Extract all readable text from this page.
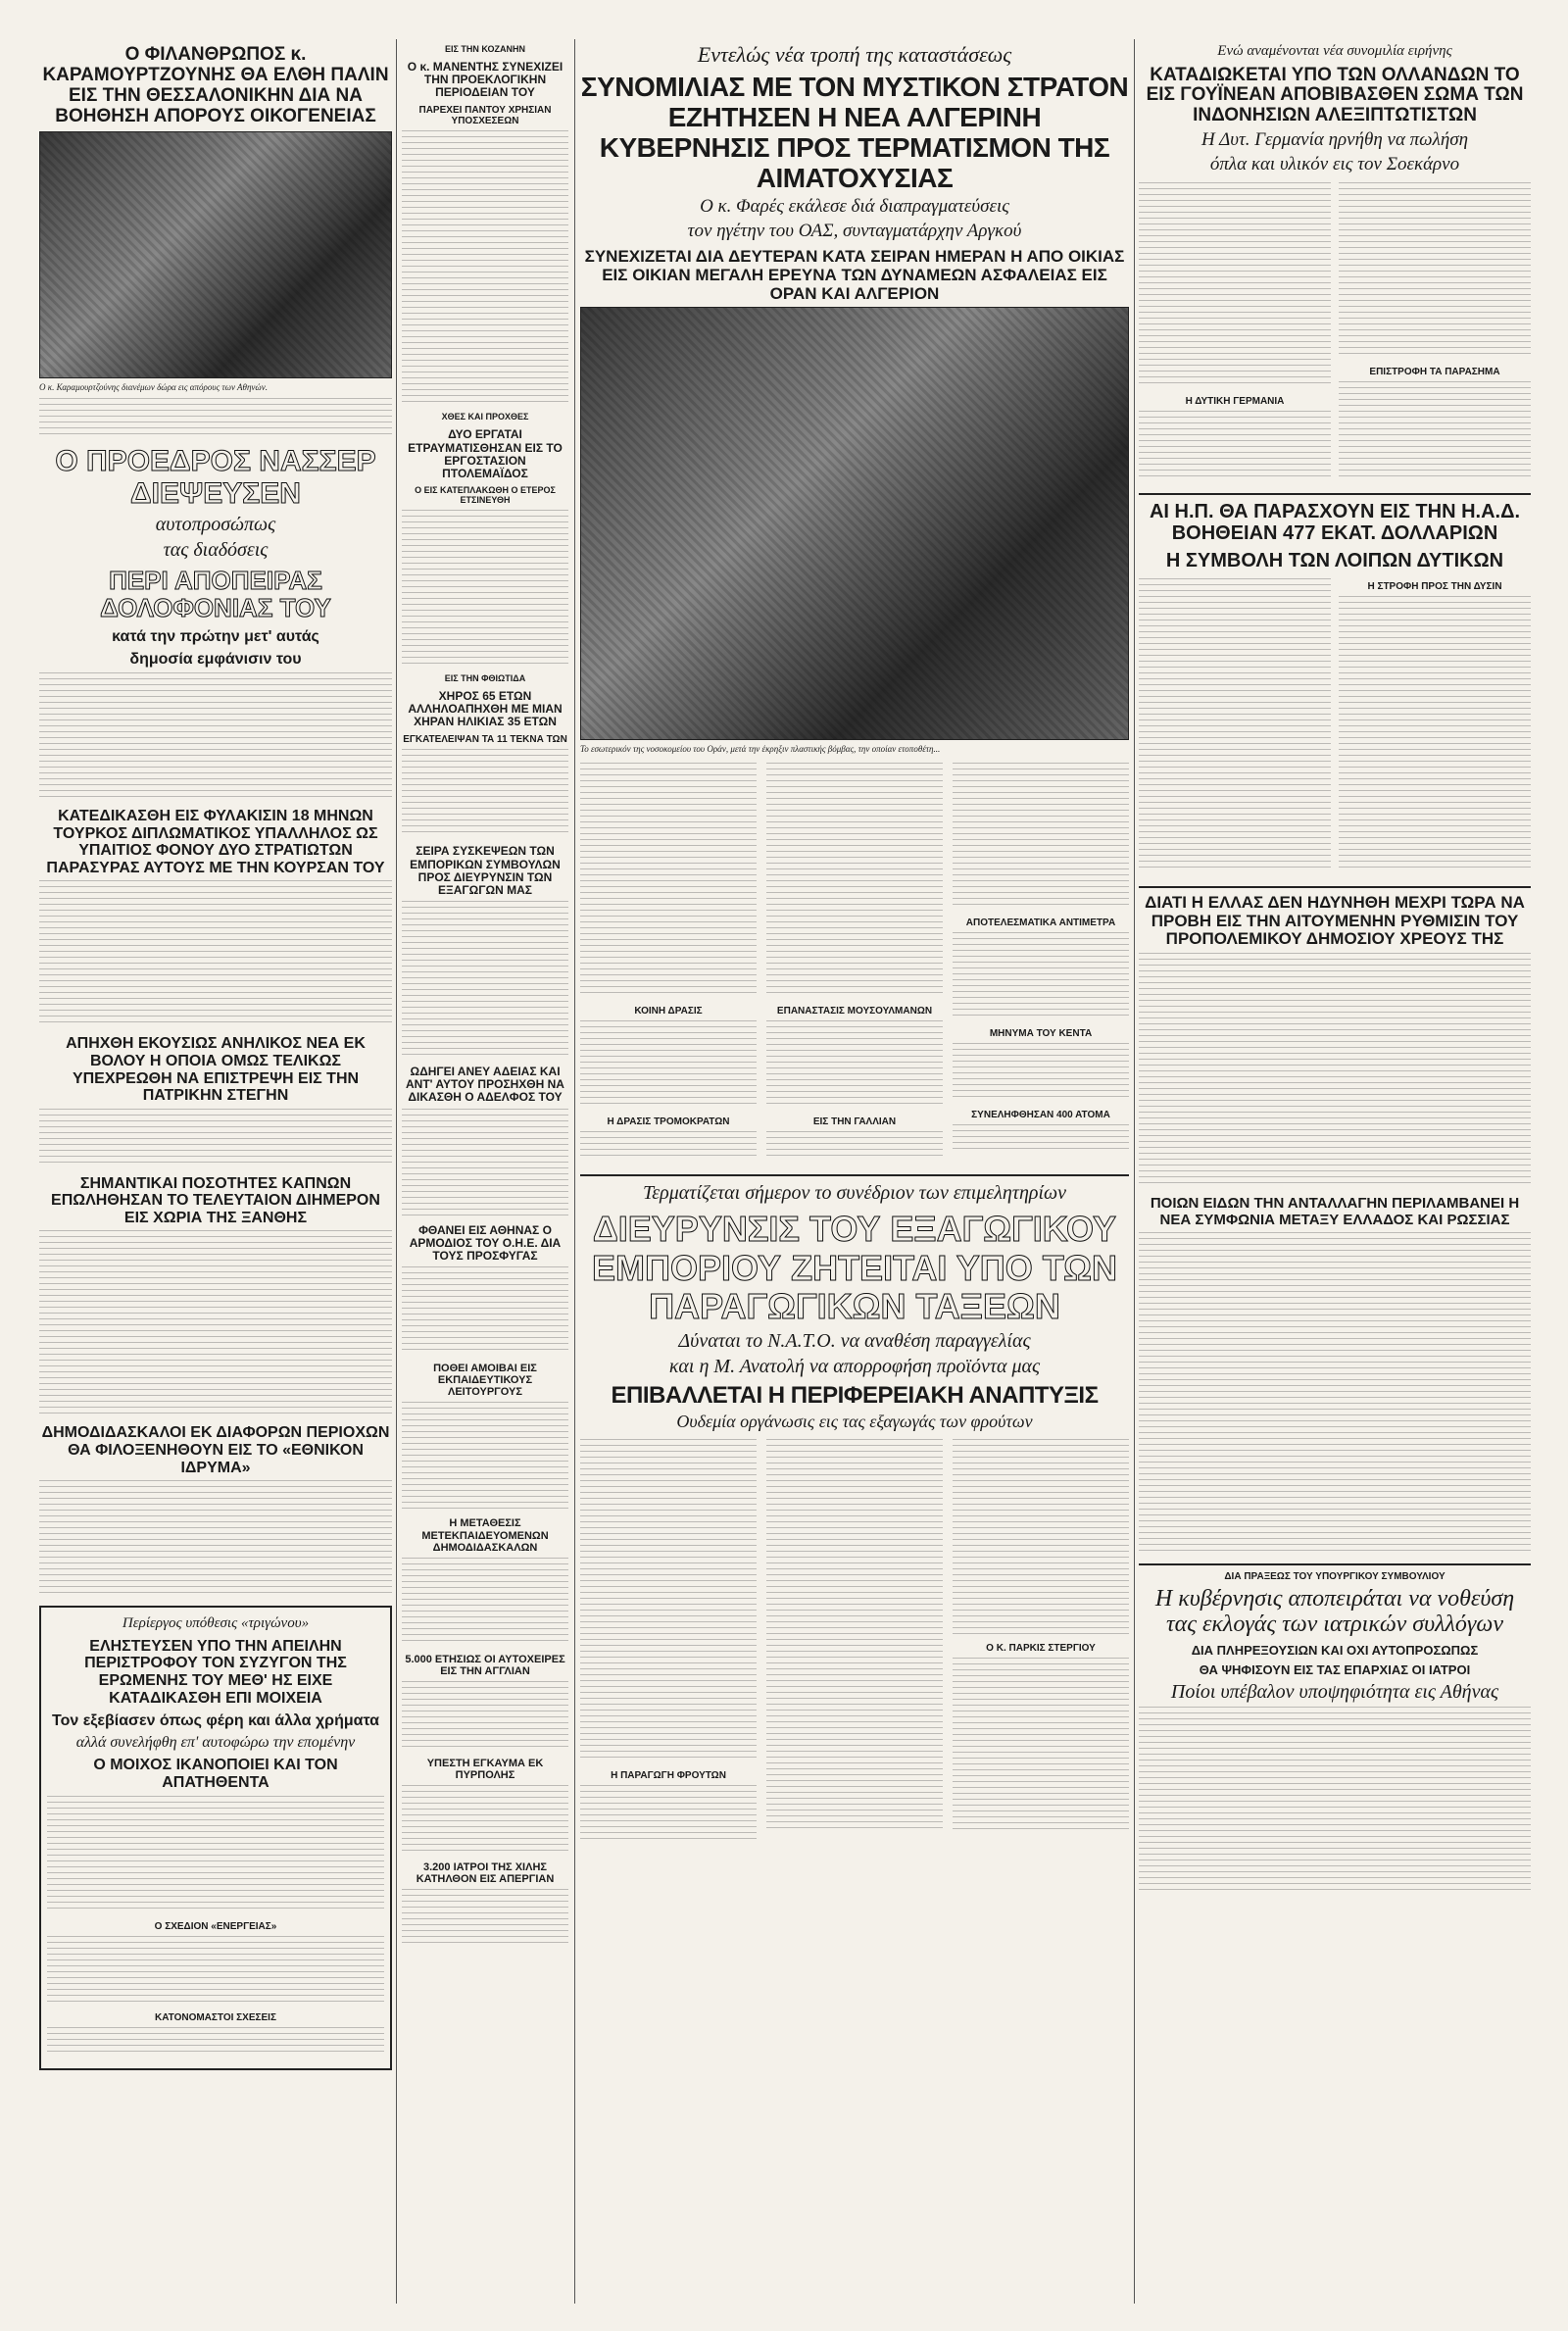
Ο ΦΙΛΑΝΘΡΩΠΟΣ κ. ΚΑΡΑΜΟΥΡΤΖΟΥΝΗΣ ΘΑ ΕΛΘΗ ΠΑΛΙΝ ΕΙΣ ΤΗΝ ΘΕΣΣΑΛΟΝΙΚΗΝ ΔΙΑ ΝΑ ΒΟΗΘΗΣΗ ΑΠΟΡΟΥΣ ΟΙΚΟΓΕΝΕΙΑΣ
Ο κ. Καραμουρτζούνης διανέμων δώρα εις απόρους των Αθηνών.
Ο ΠΡΟΕΔΡΟΣ ΝΑΣΣΕΡ ΔΙΕΨΕΥΣΕΝ
αυτοπροσώπως
τας διαδόσεις
ΠΕΡΙ ΑΠΟΠΕΙΡΑΣ ΔΟΛΟΦΟΝΙΑΣ ΤΟΥ
κατά την πρώτην μετ' αυτάς
δημοσία εμφάνισιν του
ΚΑΤΕΔΙΚΑΣΘΗ ΕΙΣ ΦΥΛΑΚΙΣΙΝ 18 ΜΗΝΩΝ ΤΟΥΡΚΟΣ ΔΙΠΛΩΜΑΤΙΚΟΣ ΥΠΑΛΛΗΛΟΣ ΩΣ ΥΠΑΙΤΙΟΣ ΦΟΝΟΥ ΔΥΟ ΣΤΡΑΤΙΩΤΩΝ ΠΑΡΑΣΥΡΑΣ ΑΥΤΟΥΣ ΜΕ ΤΗΝ ΚΟΥΡΣΑΝ ΤΟΥ
ΑΠΗΧΘΗ ΕΚΟΥΣΙΩΣ ΑΝΗΛΙΚΟΣ ΝΕΑ ΕΚ ΒΟΛΟΥ Η ΟΠΟΙΑ ΟΜΩΣ ΤΕΛΙΚΩΣ ΥΠΕΧΡΕΩΘΗ ΝΑ ΕΠΙΣΤΡΕΨΗ ΕΙΣ ΤΗΝ ΠΑΤΡΙΚΗΝ ΣΤΕΓΗΝ
ΣΗΜΑΝΤΙΚΑΙ ΠΟΣΟΤΗΤΕΣ ΚΑΠΝΩΝ ΕΠΩΛΗΘΗΣΑΝ ΤΟ ΤΕΛΕΥΤΑΙΟΝ ΔΙΗΜΕΡΟΝ ΕΙΣ ΧΩΡΙΑ ΤΗΣ ΞΑΝΘΗΣ
ΔΗΜΟΔΙΔΑΣΚΑΛΟΙ ΕΚ ΔΙΑΦΟΡΩΝ ΠΕΡΙΟΧΩΝ ΘΑ ΦΙΛΟΞΕΝΗΘΟΥΝ ΕΙΣ ΤΟ «ΕΘΝΙΚΟΝ ΙΔΡΥΜΑ»
Περίεργος υπόθεσις «τριγώνου»
ΕΛΗΣΤΕΥΣΕΝ ΥΠΟ ΤΗΝ ΑΠΕΙΛΗΝ ΠΕΡΙΣΤΡΟΦΟΥ ΤΟΝ ΣΥΖΥΓΟΝ ΤΗΣ ΕΡΩΜΕΝΗΣ ΤΟΥ ΜΕΘ' ΗΣ ΕΙΧΕ ΚΑΤΑΔΙΚΑΣΘΗ ΕΠΙ ΜΟΙΧΕΙΑ
Τον εξεβίασεν όπως φέρη και άλλα χρήματα
αλλά συνελήφθη επ' αυτοφώρω την επομένην
Ο ΜΟΙΧΟΣ ΙΚΑΝΟΠΟΙΕΙ ΚΑΙ ΤΟΝ ΑΠΑΤΗΘΕΝΤΑ
Ο ΣΧΕΔΙΟΝ «ΕΝΕΡΓΕΙΑΣ»
ΚΑΤΟΝΟΜΑΣΤΟΙ ΣΧΕΣΕΙΣ
ΕΙΣ ΤΗΝ ΚΟΖΑΝΗΝ
Ο κ. ΜΑΝΕΝΤΗΣ ΣΥΝΕΧΙΖΕΙ ΤΗΝ ΠΡΟΕΚΛΟΓΙΚΗΝ ΠΕΡΙΟΔΕΙΑΝ ΤΟΥ
ΠΑΡΕΧΕΙ ΠΑΝΤΟΥ ΧΡΗΣΙΑΝ ΥΠΟΣΧΕΣΕΩΝ
ΧΘΕΣ ΚΑΙ ΠΡΟΧΘΕΣ
ΔΥΟ ΕΡΓΑΤΑΙ ΕΤΡΑΥΜΑΤΙΣΘΗΣΑΝ ΕΙΣ ΤΟ ΕΡΓΟΣΤΑΣΙΟΝ ΠΤΟΛΕΜΑΪΔΟΣ
Ο ΕΙΣ ΚΑΤΕΠΛΑΚΩΘΗ Ο ΕΤΕΡΟΣ ΕΤΣΙΝΕΥΘΗ
ΕΙΣ ΤΗΝ ΦΘΙΩΤΙΔΑ
ΧΗΡΟΣ 65 ΕΤΩΝ ΑΛΛΗΛΟΑΠΗΧΘΗ ΜΕ ΜΙΑΝ ΧΗΡΑΝ ΗΛΙΚΙΑΣ 35 ΕΤΩΝ
ΕΓΚΑΤΕΛΕΙΨΑΝ ΤΑ 11 ΤΕΚΝΑ ΤΩΝ
ΣΕΙΡΑ ΣΥΣΚΕΨΕΩΝ ΤΩΝ ΕΜΠΟΡΙΚΩΝ ΣΥΜΒΟΥΛΩΝ ΠΡΟΣ ΔΙΕΥΡΥΝΣΙΝ ΤΩΝ ΕΞΑΓΩΓΩΝ ΜΑΣ
ΩΔΗΓΕΙ ΑΝΕΥ ΑΔΕΙΑΣ ΚΑΙ ΑΝΤ' ΑΥΤΟΥ ΠΡΟΣΗΧΘΗ ΝΑ ΔΙΚΑΣΘΗ Ο ΑΔΕΛΦΟΣ ΤΟΥ
ΦΘΑΝΕΙ ΕΙΣ ΑΘΗΝΑΣ Ο ΑΡΜΟΔΙΟΣ ΤΟΥ Ο.Η.Ε. ΔΙΑ ΤΟΥΣ ΠΡΟΣΦΥΓΑΣ
ΠΟΘΕΙ ΑΜΟΙΒΑΙ ΕΙΣ ΕΚΠΑΙΔΕΥΤΙΚΟΥΣ ΛΕΙΤΟΥΡΓΟΥΣ
Η ΜΕΤΑΘΕΣΙΣ ΜΕΤΕΚΠΑΙΔΕΥΟΜΕΝΩΝ ΔΗΜΟΔΙΔΑΣΚΑΛΩΝ
5.000 ΕΤΗΣΙΩΣ ΟΙ ΑΥΤΟΧΕΙΡΕΣ ΕΙΣ ΤΗΝ ΑΓΓΛΙΑΝ
ΥΠΕΣΤΗ ΕΓΚΑΥΜΑ ΕΚ ΠΥΡΠΟΛΗΣ
3.200 ΙΑΤΡΟΙ ΤΗΣ ΧΙΛΗΣ ΚΑΤΗΛΘΟΝ ΕΙΣ ΑΠΕΡΓΙΑΝ
Εντελώς νέα τροπή της καταστάσεως
ΣΥΝΟΜΙΛΙΑΣ ΜΕ ΤΟΝ ΜΥΣΤΙΚΟΝ ΣΤΡΑΤΟΝ ΕΖΗΤΗΣΕΝ Η ΝΕΑ ΑΛΓΕΡΙΝΗ ΚΥΒΕΡΝΗΣΙΣ ΠΡΟΣ ΤΕΡΜΑΤΙΣΜΟΝ ΤΗΣ ΑΙΜΑΤΟΧΥΣΙΑΣ
Ο κ. Φαρές εκάλεσε διά διαπραγματεύσεις
τον ηγέτην του ΟΑΣ, συνταγματάρχην Αργκού
ΣΥΝΕΧΙΖΕΤΑΙ ΔΙΑ ΔΕΥΤΕΡΑΝ ΚΑΤΑ ΣΕΙΡΑΝ ΗΜΕΡΑΝ Η ΑΠΟ ΟΙΚΙΑΣ ΕΙΣ ΟΙΚΙΑΝ ΜΕΓΑΛΗ ΕΡΕΥΝΑ ΤΩΝ ΔΥΝΑΜΕΩΝ ΑΣΦΑΛΕΙΑΣ ΕΙΣ ΟΡΑΝ ΚΑΙ ΑΛΓΕΡΙΟΝ
Το εσωτερικόν της νοσοκομείου του Οράν, μετά την έκρηξιν πλαστικής βόμβας, την οποίαν ετοποθέτη...
ΚΟΙΝΗ ΔΡΑΣΙΣ
Η ΔΡΑΣΙΣ ΤΡΟΜΟΚΡΑΤΩΝ
ΕΠΑΝΑΣΤΑΣΙΣ ΜΟΥΣΟΥΛΜΑΝΩΝ
ΕΙΣ ΤΗΝ ΓΑΛΛΙΑΝ
ΑΠΟΤΕΛΕΣΜΑΤΙΚΑ ΑΝΤΙΜΕΤΡΑ
ΜΗΝΥΜΑ ΤΟΥ ΚΕΝΤΑ
ΣΥΝΕΛΗΦΘΗΣΑΝ 400 ΑΤΟΜΑ
Τερματίζεται σήμερον το συνέδριον των επιμελητηρίων
ΔΙΕΥΡΥΝΣΙΣ ΤΟΥ ΕΞΑΓΩΓΙΚΟΥ ΕΜΠΟΡΙΟΥ ΖΗΤΕΙΤΑΙ ΥΠΟ ΤΩΝ ΠΑΡΑΓΩΓΙΚΩΝ ΤΑΞΕΩΝ
Δύναται το Ν.Α.Τ.Ο. να αναθέση παραγγελίας
και η Μ. Ανατολή να απορροφήση προϊόντα μας
ΕΠΙΒΑΛΛΕΤΑΙ Η ΠΕΡΙΦΕΡΕΙΑΚΗ ΑΝΑΠΤΥΞΙΣ
Ουδεμία οργάνωσις εις τας εξαγωγάς των φρούτων
Η ΠΑΡΑΓΩΓΗ ΦΡΟΥΤΩΝ
Ο Κ. ΠΑΡΚΙΣ ΣΤΕΡΓΙΟΥ
Ενώ αναμένονται νέα συνομιλία ειρήνης
ΚΑΤΑΔΙΩΚΕΤΑΙ ΥΠΟ ΤΩΝ ΟΛΛΑΝΔΩΝ ΤΟ ΕΙΣ ΓΟΥΪΝΕΑΝ ΑΠΟΒΙΒΑΣΘΕΝ ΣΩΜΑ ΤΩΝ ΙΝΔΟΝΗΣΙΩΝ ΑΛΕΞΙΠΤΩΤΙΣΤΩΝ
Η Δυτ. Γερμανία ηρνήθη να πωλήση
όπλα και υλικόν εις τον Σοεκάρνο
Η ΔΥΤΙΚΗ ΓΕΡΜΑΝΙΑ
ΕΠΙΣΤΡΟΦΗ ΤΑ ΠΑΡΑΣΗΜΑ
ΑΙ Η.Π. ΘΑ ΠΑΡΑΣΧΟΥΝ ΕΙΣ ΤΗΝ Η.Α.Δ. ΒΟΗΘΕΙΑΝ 477 ΕΚΑΤ. ΔΟΛΛΑΡΙΩΝ
Η ΣΥΜΒΟΛΗ ΤΩΝ ΛΟΙΠΩΝ ΔΥΤΙΚΩΝ
Η ΣΤΡΟΦΗ ΠΡΟΣ ΤΗΝ ΔΥΣΙΝ
ΔΙΑΤΙ Η ΕΛΛΑΣ ΔΕΝ ΗΔΥΝΗΘΗ ΜΕΧΡΙ ΤΩΡΑ ΝΑ ΠΡΟΒΗ ΕΙΣ ΤΗΝ ΑΙΤΟΥΜΕΝΗΝ ΡΥΘΜΙΣΙΝ ΤΟΥ ΠΡΟΠΟΛΕΜΙΚΟΥ ΔΗΜΟΣΙΟΥ ΧΡΕΟΥΣ ΤΗΣ
ΠΟΙΩΝ ΕΙΔΩΝ ΤΗΝ ΑΝΤΑΛΛΑΓΗΝ ΠΕΡΙΛΑΜΒΑΝΕΙ Η ΝΕΑ ΣΥΜΦΩΝΙΑ ΜΕΤΑΞΥ ΕΛΛΑΔΟΣ ΚΑΙ ΡΩΣΣΙΑΣ
ΔΙΑ ΠΡΑΞΕΩΣ ΤΟΥ ΥΠΟΥΡΓΙΚΟΥ ΣΥΜΒΟΥΛΙΟΥ
Η κυβέρνησις αποπειράται να νοθεύση τας εκλογάς των ιατρικών συλλόγων
ΔΙΑ ΠΛΗΡΕΞΟΥΣΙΩΝ ΚΑΙ ΟΧΙ ΑΥΤΟΠΡΟΣΩΠΩΣ
ΘΑ ΨΗΦΙΣΟΥΝ ΕΙΣ ΤΑΣ ΕΠΑΡΧΙΑΣ ΟΙ ΙΑΤΡΟΙ
Ποίοι υπέβαλον υποψηφιότητα εις Αθήνας
